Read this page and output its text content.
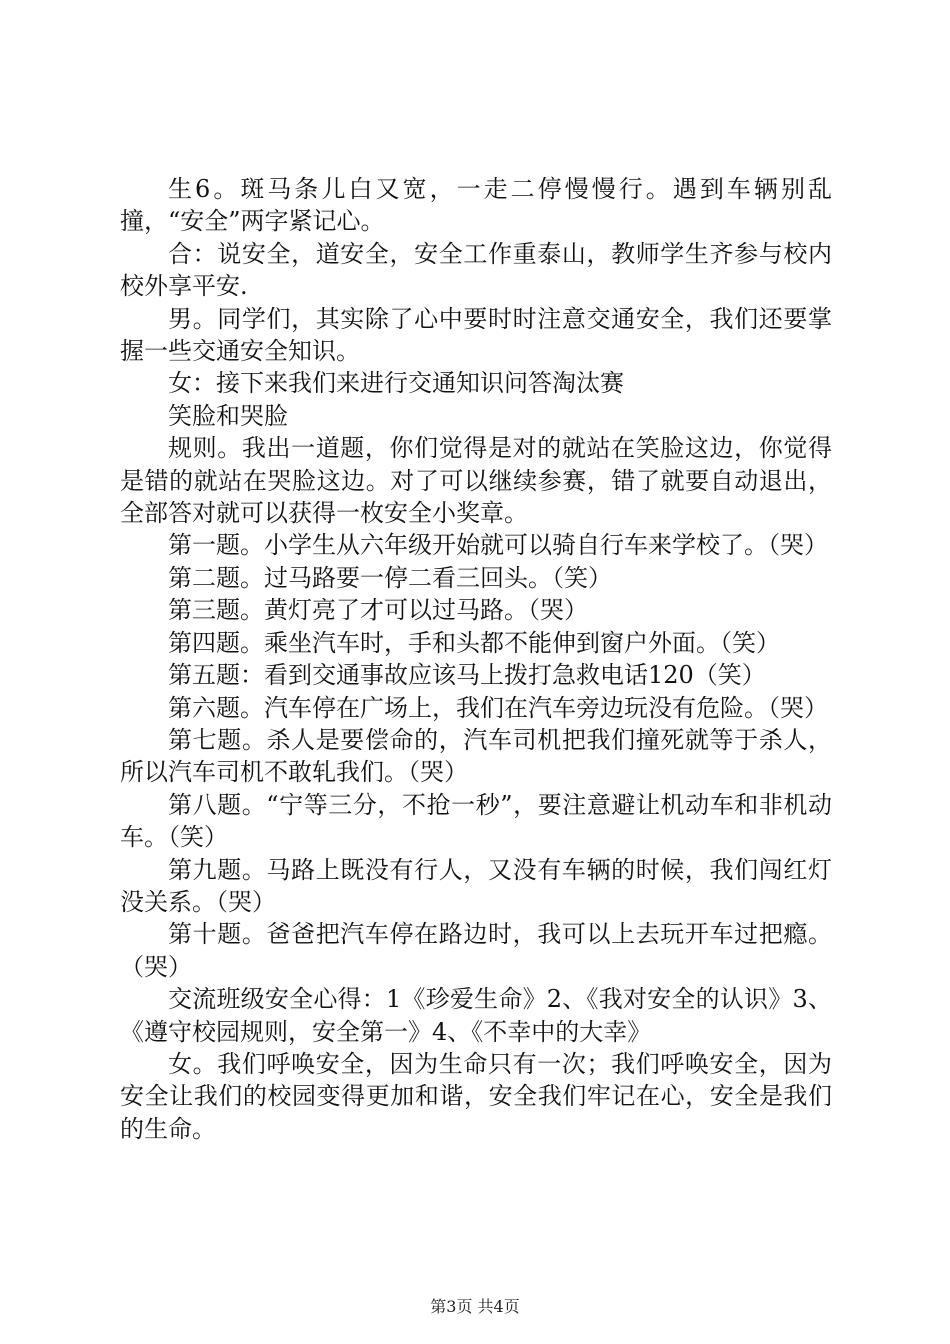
生6。斑马条儿白又宽，一走二停慢慢行。遇到车辆别乱撞，“安全”两字紧记心。

合：说安全，道安全，安全工作重泰山，教师学生齐参与校内校外享平安.

男。同学们，其实除了心中要时时注意交通安全，我们还要掌握一些交通安全知识。

女：接下来我们来进行交通知识问答淘汰赛

笑脸和哭脸

规则。我出一道题，你们觉得是对的就站在笑脸这边，你觉得是错的就站在哭脸这边。对了可以继续参赛，错了就要自动退出，全部答对就可以获得一枚安全小奖章。

第一题。小学生从六年级开始就可以骑自行车来学校了。（哭）

第二题。过马路要一停二看三回头。（笑）

第三题。黄灯亮了才可以过马路。（哭）

第四题。乘坐汽车时，手和头都不能伸到窗户外面。（笑）

第五题：看到交通事故应该马上拨打急救电话120（笑）

第六题。汽车停在广场上，我们在汽车旁边玩没有危险。（哭）

第七题。杀人是要偿命的，汽车司机把我们撞死就等于杀人，所以汽车司机不敢轧我们。（哭）

第八题。“宁等三分，不抢一秒”，要注意避让机动车和非机动车。（笑）

第九题。马路上既没有行人，又没有车辆的时候，我们闯红灯没关系。（哭）

第十题。爸爸把汽车停在路边时，我可以上去玩开车过把瘾。（哭）

交流班级安全心得：1《珍爱生命》2、《我对安全的认识》3、《遵守校园规则，安全第一》4、《不幸中的大幸》

女。我们呼唤安全，因为生命只有一次；我们呼唤安全，因为安全让我们的校园变得更加和谐，安全我们牢记在心，安全是我们的生命。

第3页 共4页
